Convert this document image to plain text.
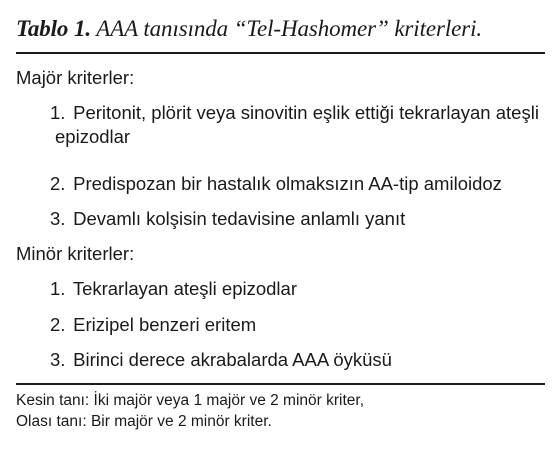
Tablo 1. AAA tanısında “Tel-Hashomer” kriterleri.
Majör kriterler:
1. Peritonit, plörit veya sinovitin eşlik ettiği tekrarlayan ateşli
epizodlar
2. Predispozan bir hastalık olmaksızın AA-tip amiloidoz
3. Devamlı kolşisin tedavisine anlamlı yanıt
Minör kriterler:
1. Tekrarlayan ateşli epizodlar
2. Erizipel benzeri eritem
3. Birinci derece akrabalarda AAA öyküsü
Kesin tanı: İki majör veya 1 majör ve 2 minör kriter,
Olası tanı: Bir majör ve 2 minör kriter.
